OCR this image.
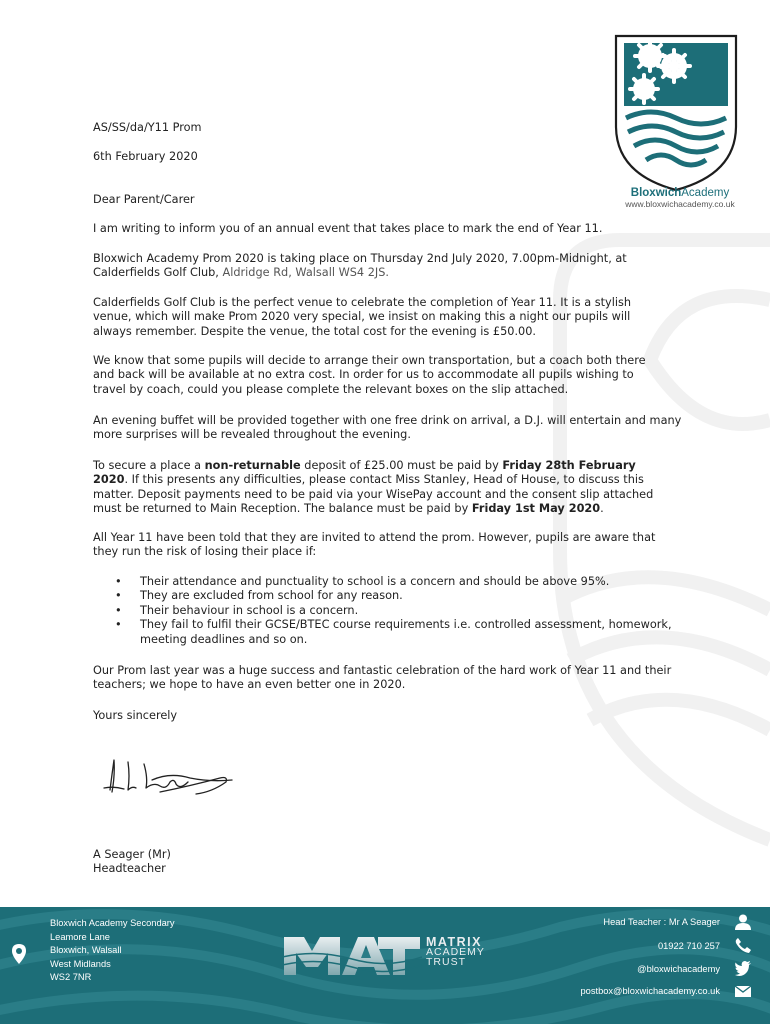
BloxwichAcademy
www.bloxwichacademy.co.uk

AS/SS/da/Y11 Prom

6th February 2020

Dear Parent/Carer

I am writing to inform you of an annual event that takes place to mark the end of Year 11.

Bloxwich Academy Prom 2020 is taking place on Thursday 2nd July 2020, 7.00pm-Midnight, at Calderfields Golf Club, Aldridge Rd, Walsall WS4 2JS.

Calderfields Golf Club is the perfect venue to celebrate the completion of Year 11. It is a stylish venue, which will make Prom 2020 very special, we insist on making this a night our pupils will always remember. Despite the venue, the total cost for the evening is £50.00.

We know that some pupils will decide to arrange their own transportation, but a coach both there and back will be available at no extra cost. In order for us to accommodate all pupils wishing to travel by coach, could you please complete the relevant boxes on the slip attached.

An evening buffet will be provided together with one free drink on arrival, a D.J. will entertain and many more surprises will be revealed throughout the evening.

To secure a place a non-returnable deposit of £25.00 must be paid by Friday 28th February 2020. If this presents any difficulties, please contact Miss Stanley, Head of House, to discuss this matter. Deposit payments need to be paid via your WisePay account and the consent slip attached must be returned to Main Reception. The balance must be paid by Friday 1st May 2020.

All Year 11 have been told that they are invited to attend the prom. However, pupils are aware that they run the risk of losing their place if:

• Their attendance and punctuality to school is a concern and should be above 95%.
• They are excluded from school for any reason.
• Their behaviour in school is a concern.
• They fail to fulfil their GCSE/BTEC course requirements i.e. controlled assessment, homework, meeting deadlines and so on.

Our Prom last year was a huge success and fantastic celebration of the hard work of Year 11 and their teachers; we hope to have an even better one in 2020.

Yours sincerely

A Seager (Mr)

Headteacher

Bloxwich Academy Secondary
Leamore Lane
Bloxwich, Walsall
West Midlands
WS2 7NR
MATRIX
ACADEMY
TRUST
Head Teacher : Mr A Seager
01922 710 257
@bloxwichacademy
postbox@bloxwichacademy.co.uk
